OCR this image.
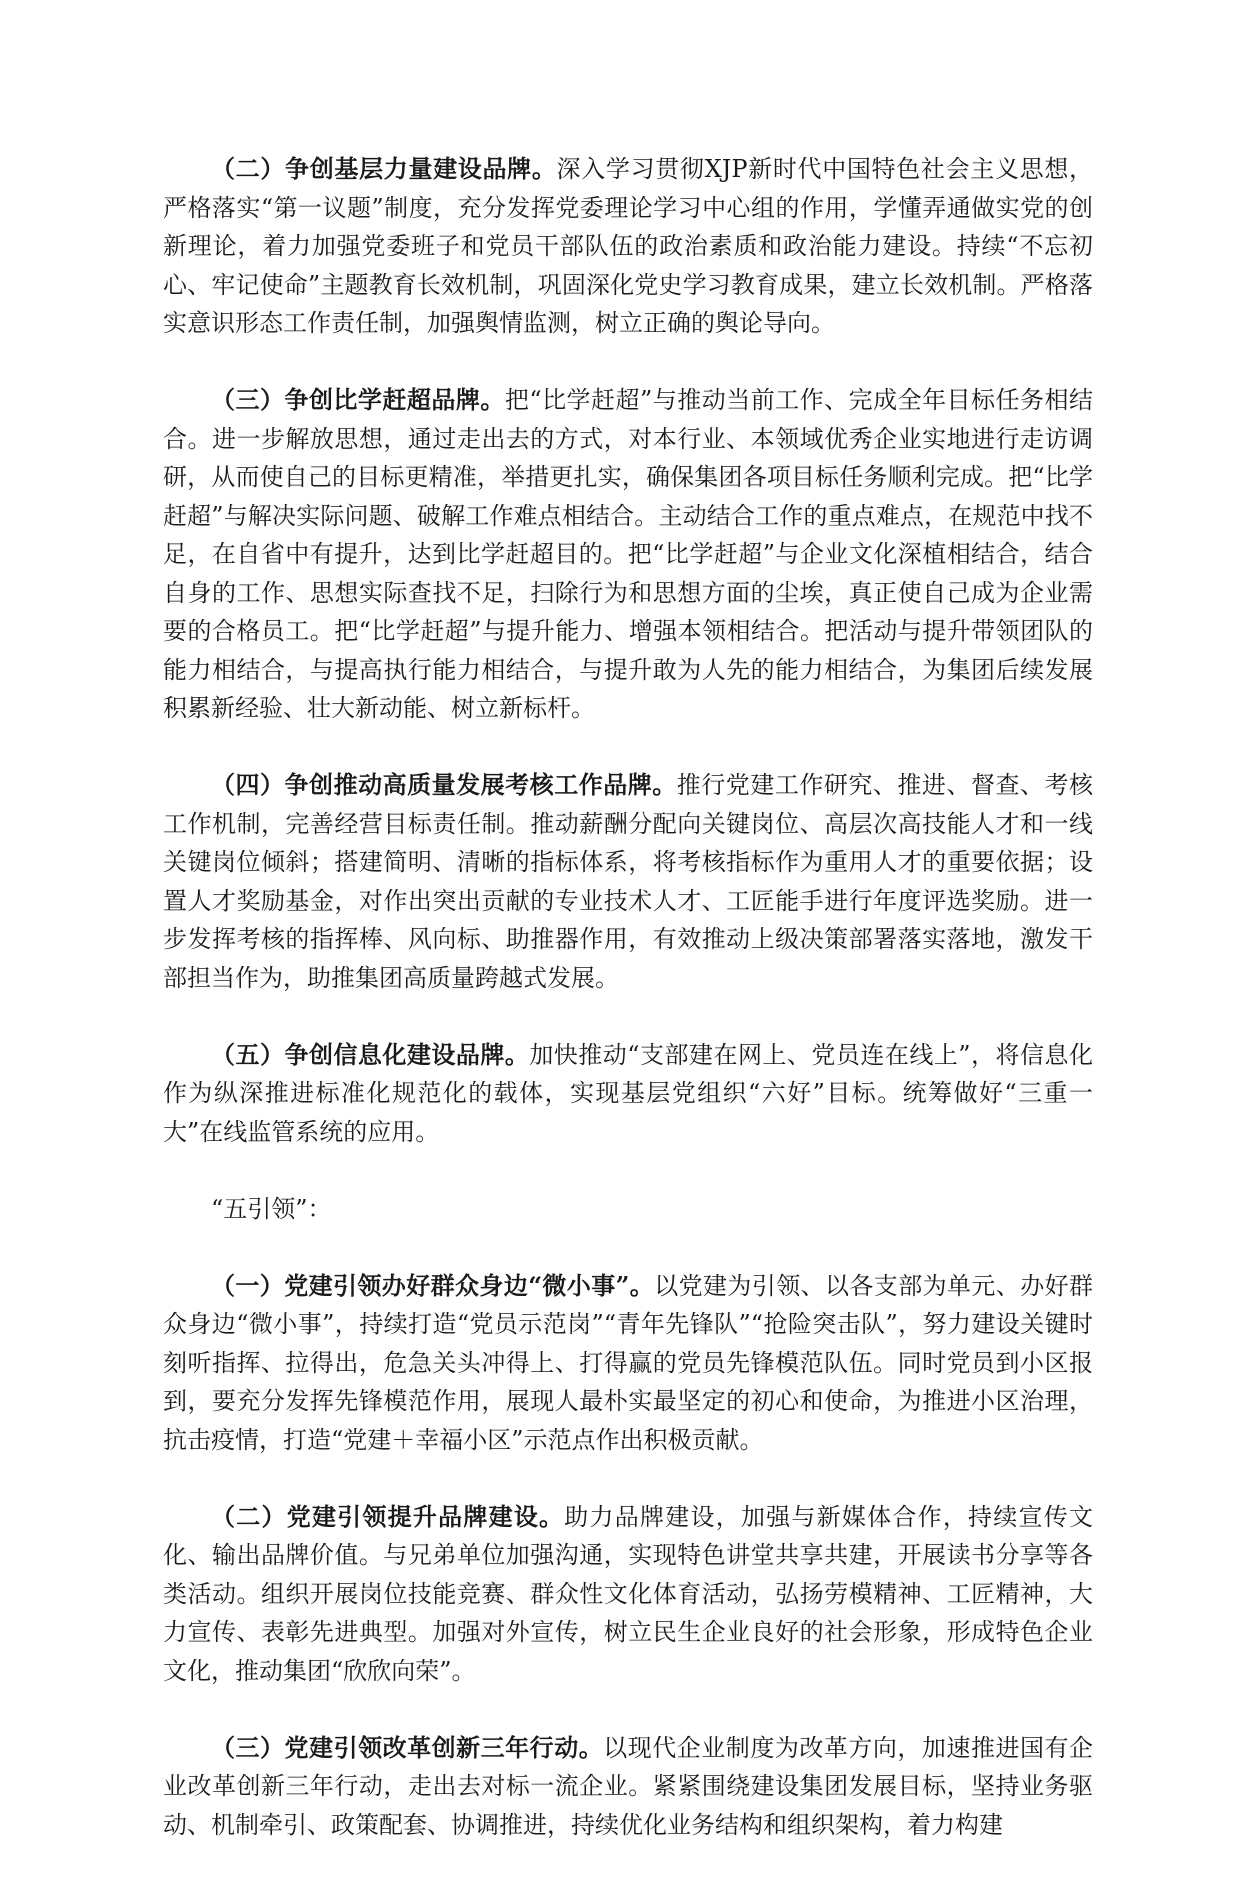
（二）争创基层力量建设品牌。深入学习贯彻XJP新时代中国特色社会主义思想，严格落实“第一议题”制度，充分发挥党委理论学习中心组的作用，学懂弄通做实党的创新理论，着力加强党委班子和党员干部队伍的政治素质和政治能力建设。持续“不忘初心、牢记使命”主题教育长效机制，巩固深化党史学习教育成果，建立长效机制。严格落实意识形态工作责任制，加强舆情监测，树立正确的舆论导向。

（三）争创比学赶超品牌。把“比学赶超”与推动当前工作、完成全年目标任务相结合。进一步解放思想，通过走出去的方式，对本行业、本领域优秀企业实地进行走访调研，从而使自己的目标更精准，举措更扎实，确保集团各项目标任务顺利完成。把“比学赶超”与解决实际问题、破解工作难点相结合。主动结合工作的重点难点，在规范中找不足，在自省中有提升，达到比学赶超目的。把“比学赶超”与企业文化深植相结合，结合自身的工作、思想实际查找不足，扫除行为和思想方面的尘埃，真正使自己成为企业需要的合格员工。把“比学赶超”与提升能力、增强本领相结合。把活动与提升带领团队的能力相结合，与提高执行能力相结合，与提升敢为人先的能力相结合，为集团后续发展积累新经验、壮大新动能、树立新标杆。

（四）争创推动高质量发展考核工作品牌。推行党建工作研究、推进、督查、考核工作机制，完善经营目标责任制。推动薪酬分配向关键岗位、高层次高技能人才和一线关键岗位倾斜；搭建简明、清晰的指标体系，将考核指标作为重用人才的重要依据；设置人才奖励基金，对作出突出贡献的专业技术人才、工匠能手进行年度评选奖励。进一步发挥考核的指挥棒、风向标、助推器作用，有效推动上级决策部署落实落地，激发干部担当作为，助推集团高质量跨越式发展。

（五）争创信息化建设品牌。加快推动“支部建在网上、党员连在线上”，将信息化作为纵深推进标准化规范化的载体，实现基层党组织“六好”目标。统筹做好“三重一大”在线监管系统的应用。

“五引领”：

（一）党建引领办好群众身边“微小事”。以党建为引领、以各支部为单元、办好群众身边“微小事”，持续打造“党员示范岗”“青年先锋队”“抢险突击队”，努力建设关键时刻听指挥、拉得出，危急关头冲得上、打得赢的党员先锋模范队伍。同时党员到小区报到，要充分发挥先锋模范作用，展现人最朴实最坚定的初心和使命，为推进小区治理，抗击疫情，打造“党建＋幸福小区”示范点作出积极贡献。

（二）党建引领提升品牌建设。助力品牌建设，加强与新媒体合作，持续宣传文化、输出品牌价值。与兄弟单位加强沟通，实现特色讲堂共享共建，开展读书分享等各类活动。组织开展岗位技能竞赛、群众性文化体育活动，弘扬劳模精神、工匠精神，大力宣传、表彰先进典型。加强对外宣传，树立民生企业良好的社会形象，形成特色企业文化，推动集团“欣欣向荣”。

（三）党建引领改革创新三年行动。以现代企业制度为改革方向，加速推进国有企业改革创新三年行动，走出去对标一流企业。紧紧围绕建设集团发展目标，坚持业务驱动、机制牵引、政策配套、协调推进，持续优化业务结构和组织架构，着力构建
